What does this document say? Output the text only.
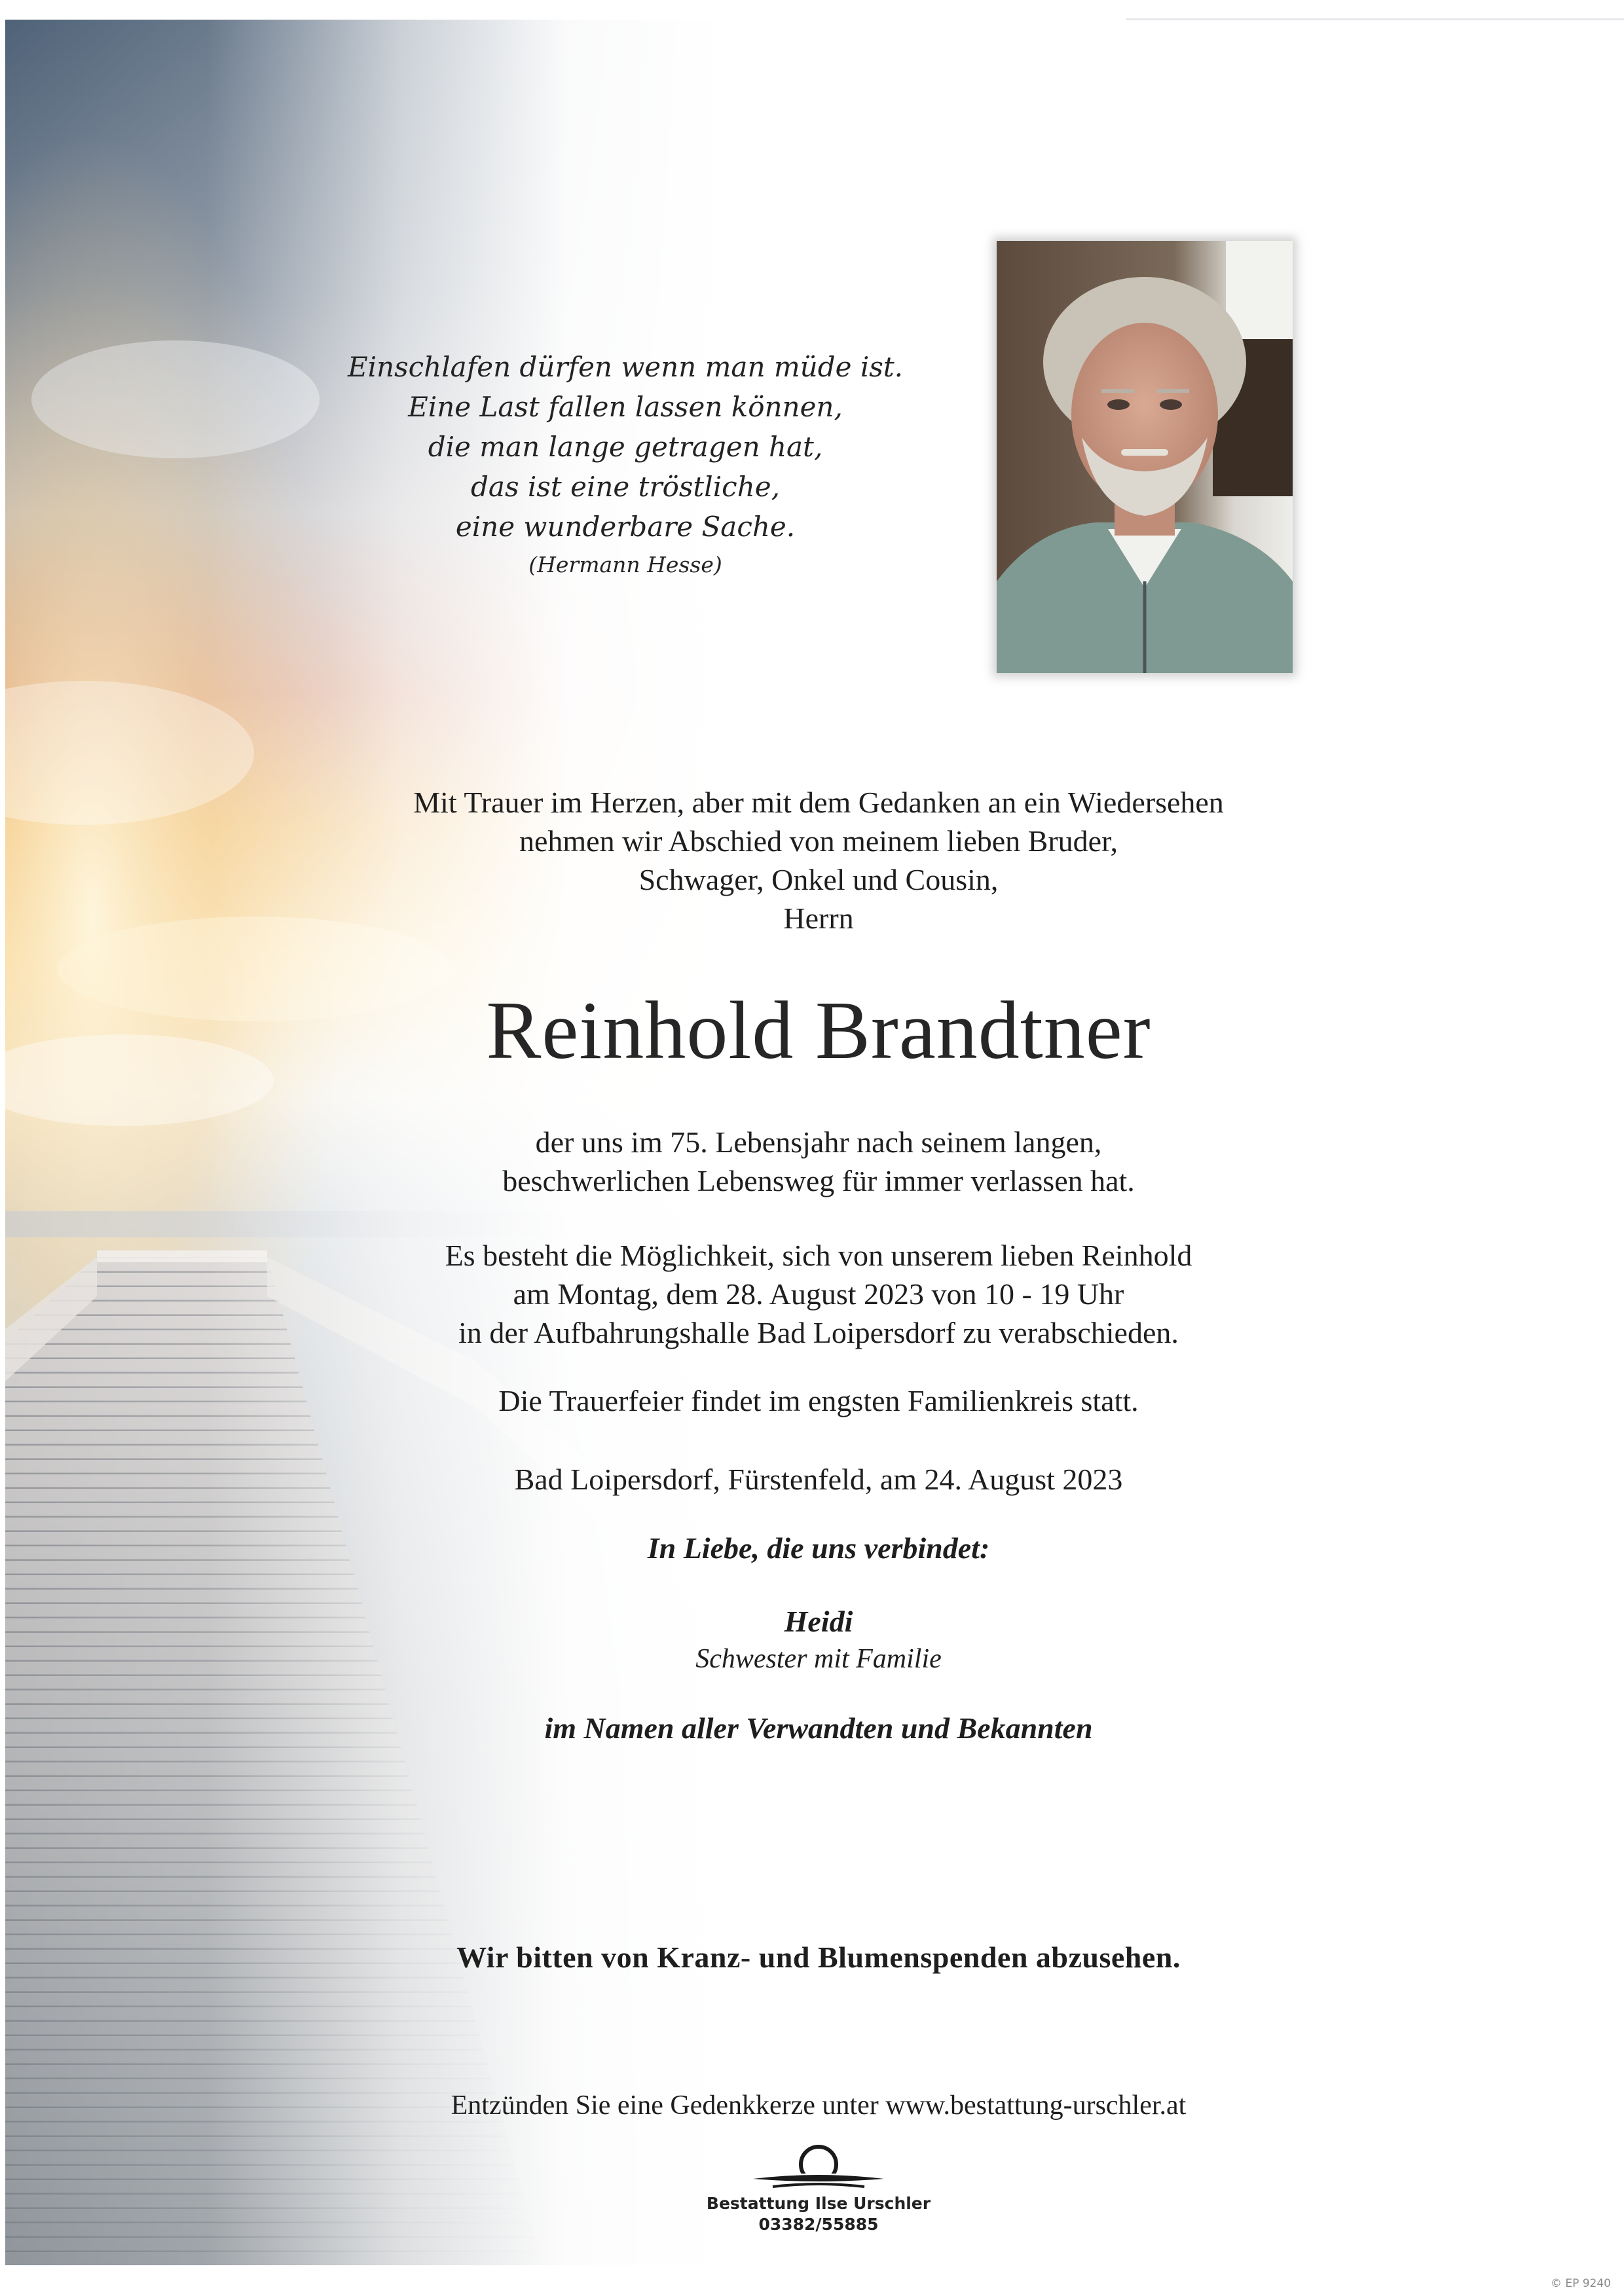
Einschlafen dürfen wenn man müde ist.
Eine Last fallen lassen können,
die man lange getragen hat,
das ist eine tröstliche,
eine wunderbare Sache.
(Hermann Hesse)
Mit Trauer im Herzen, aber mit dem Gedanken an ein Wiedersehen
nehmen wir Abschied von meinem lieben Bruder,
Schwager, Onkel und Cousin,
Herrn
Reinhold Brandtner
der uns im 75. Lebensjahr nach seinem langen,
beschwerlichen Lebensweg für immer verlassen hat.
Es besteht die Möglichkeit, sich von unserem lieben Reinhold
am Montag, dem 28. August 2023 von 10 - 19 Uhr
in der Aufbahrungshalle Bad Loipersdorf zu verabschieden.
Die Trauerfeier findet im engsten Familienkreis statt.
Bad Loipersdorf, Fürstenfeld, am 24. August 2023
In Liebe, die uns verbindet:
Heidi
Schwester mit Familie
im Namen aller Verwandten und Bekannten
Wir bitten von Kranz- und Blumenspenden abzusehen.
Entzünden Sie eine Gedenkkerze unter www.bestattung-urschler.at
Bestattung Ilse Urschler
03382/55885
© EP 9240
